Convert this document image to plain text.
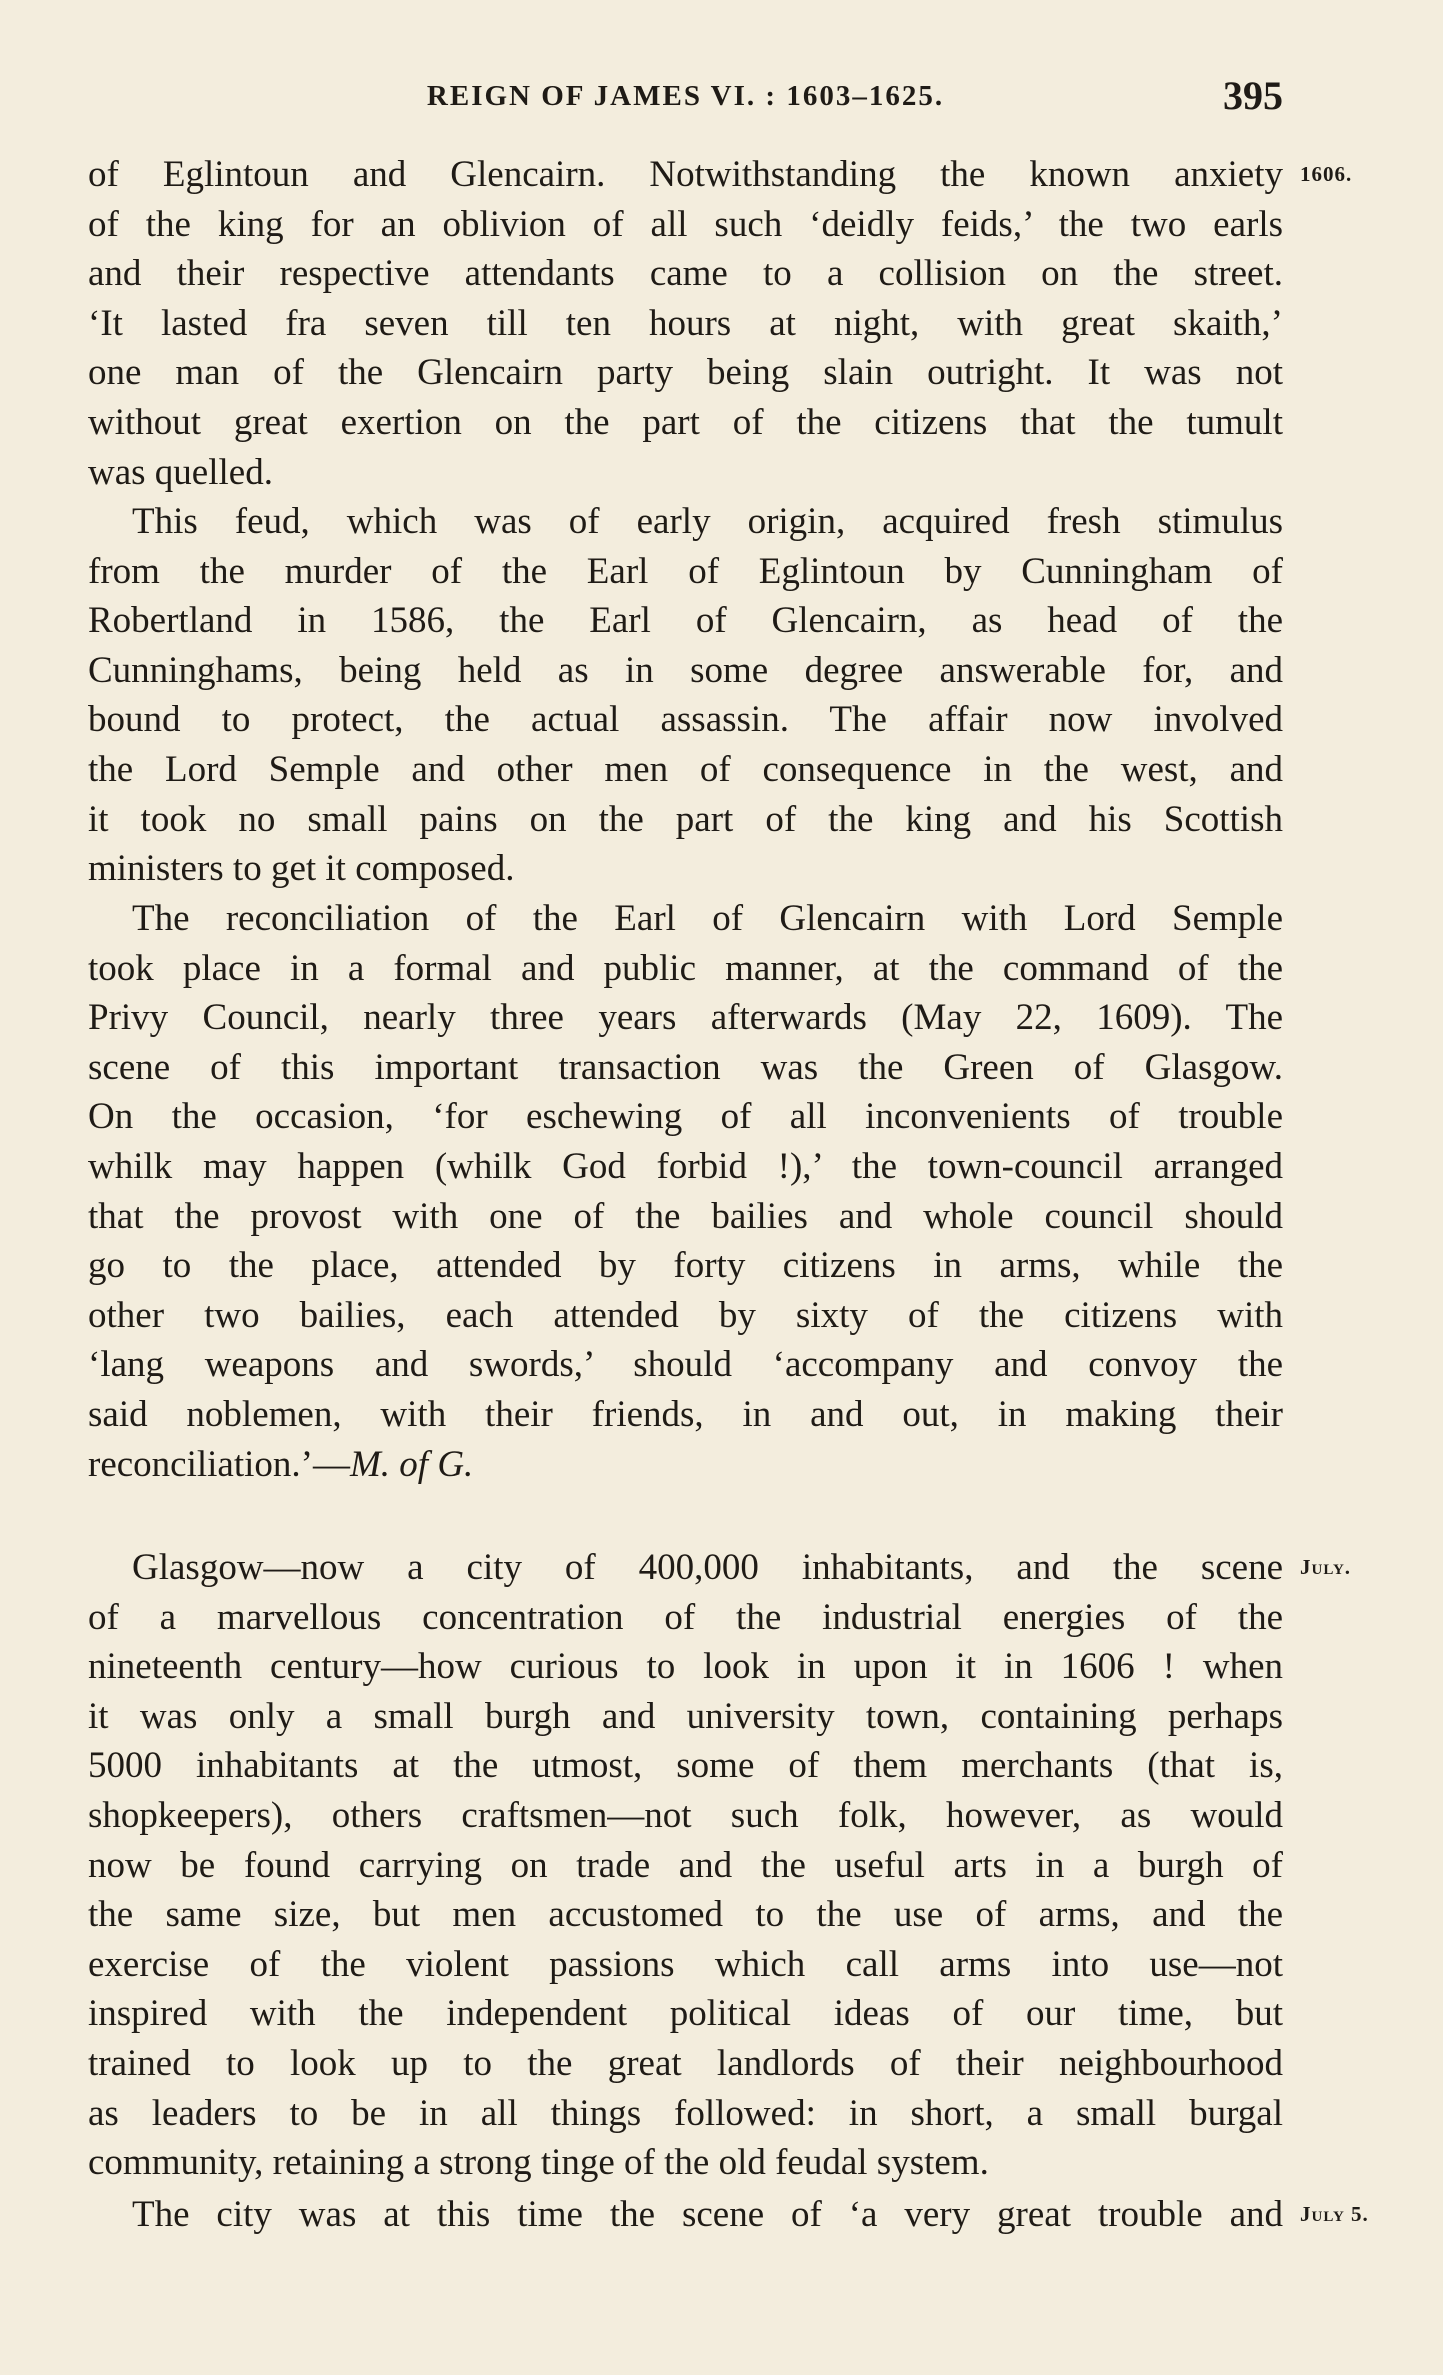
REIGN OF JAMES VI. : 1603–1625.	395
of Eglintoun and Glencairn. Notwithstanding the known anxiety
of the king for an oblivion of all such ‘deidly feids,’ the two earls
and their respective attendants came to a collision on the street.
‘It lasted fra seven till ten hours at night, with great skaith,’
one man of the Glencairn party being slain outright. It was not
without great exertion on the part of the citizens that the tumult
was quelled.
This feud, which was of early origin, acquired fresh stimulus
from the murder of the Earl of Eglintoun by Cunningham of
Robertland in 1586, the Earl of Glencairn, as head of the
Cunninghams, being held as in some degree answerable for, and
bound to protect, the actual assassin. The affair now involved
the Lord Semple and other men of consequence in the west, and
it took no small pains on the part of the king and his Scottish
ministers to get it composed.
The reconciliation of the Earl of Glencairn with Lord Semple
took place in a formal and public manner, at the command of the
Privy Council, nearly three years afterwards (May 22, 1609). The
scene of this important transaction was the Green of Glasgow.
On the occasion, ‘for eschewing of all inconvenients of trouble
whilk may happen (whilk God forbid !),’ the town-council arranged
that the provost with one of the bailies and whole council should
go to the place, attended by forty citizens in arms, while the
other two bailies, each attended by sixty of the citizens with
‘lang weapons and swords,’ should ‘accompany and convoy the
said noblemen, with their friends, in and out, in making their
reconciliation.’—M. of G.
Glasgow—now a city of 400,000 inhabitants, and the scene
of a marvellous concentration of the industrial energies of the
nineteenth century—how curious to look in upon it in 1606 ! when
it was only a small burgh and university town, containing perhaps
5000 inhabitants at the utmost, some of them merchants (that is,
shopkeepers), others craftsmen—not such folk, however, as would
now be found carrying on trade and the useful arts in a burgh of
the same size, but men accustomed to the use of arms, and the
exercise of the violent passions which call arms into use—not
inspired with the independent political ideas of our time, but
trained to look up to the great landlords of their neighbourhood
as leaders to be in all things followed: in short, a small burgal
community, retaining a strong tinge of the old feudal system.
The city was at this time the scene of ‘a very great trouble and
1606.
July.
July 5.
